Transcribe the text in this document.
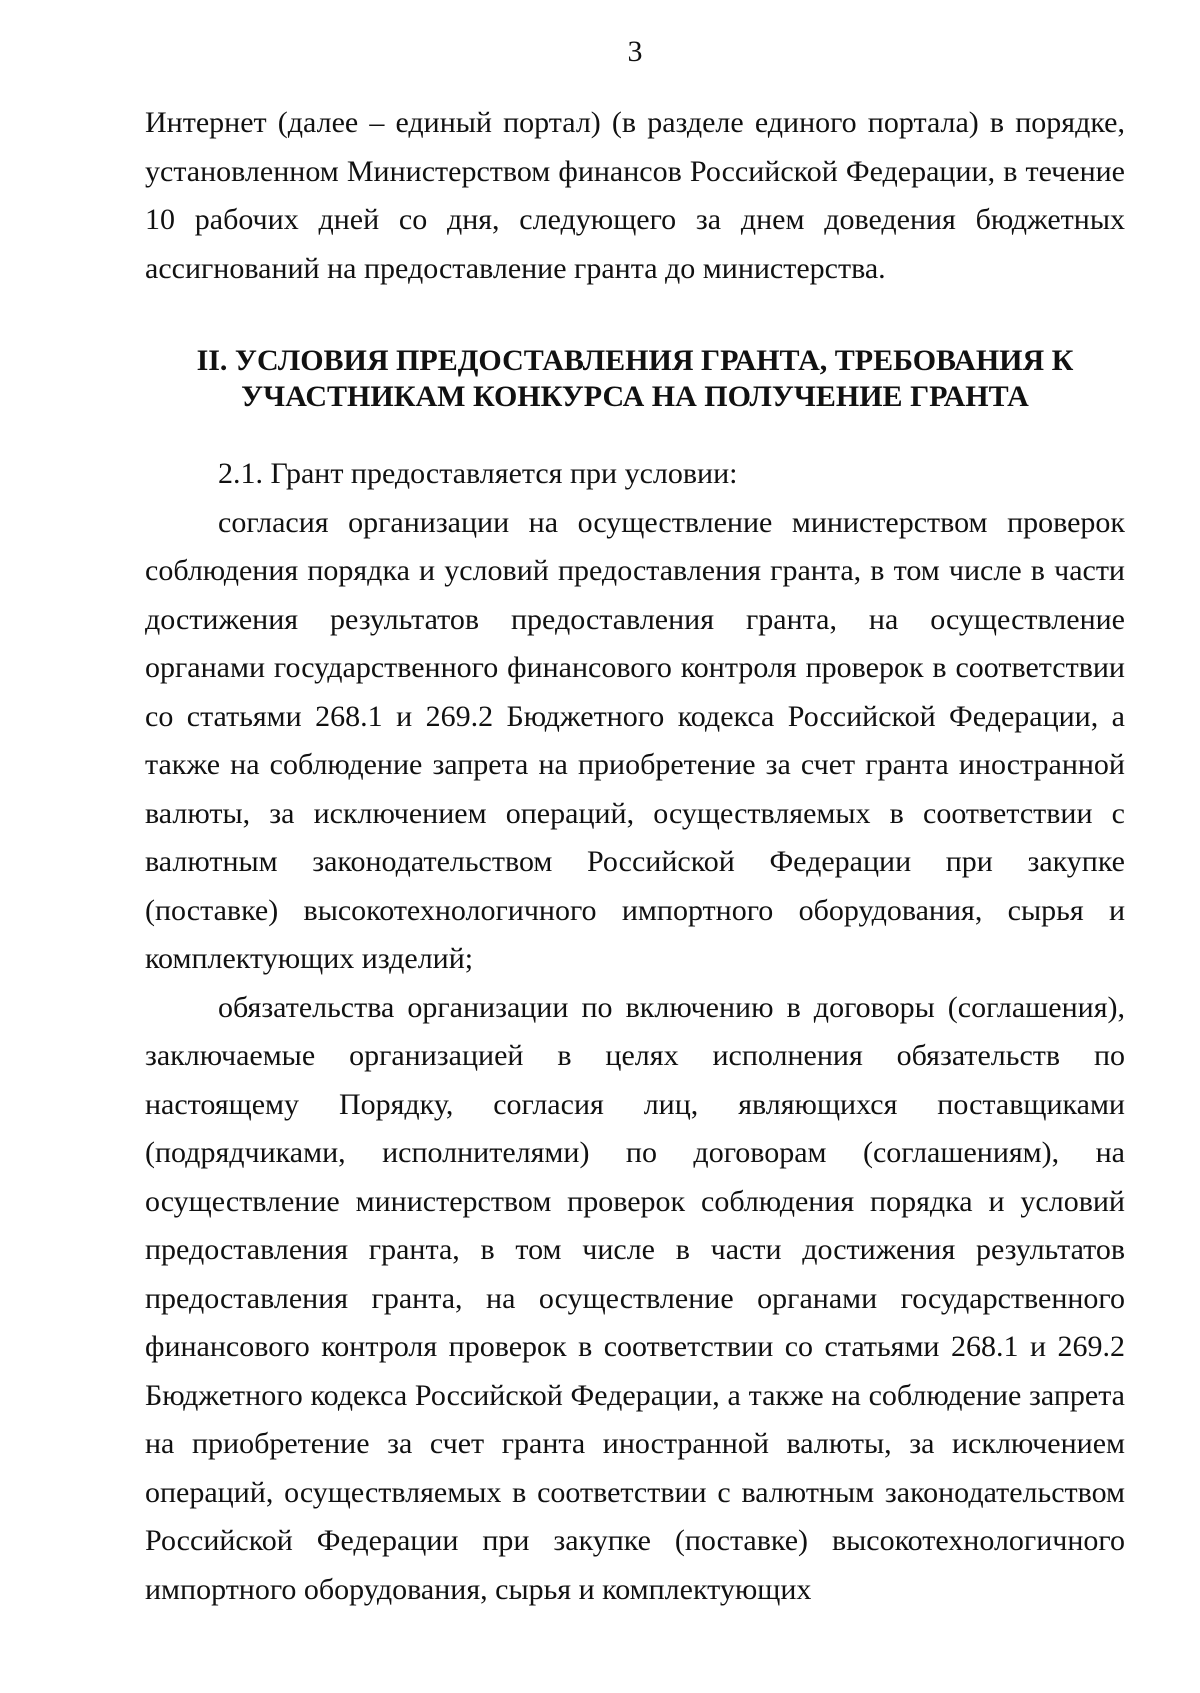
3

Интернет (далее – единый портал) (в разделе единого портала) в порядке, установленном Министерством финансов Российской Федерации, в течение 10 рабочих дней со дня, следующего за днем доведения бюджетных ассигнований на предоставление гранта до министерства.

II. УСЛОВИЯ ПРЕДОСТАВЛЕНИЯ ГРАНТА, ТРЕБОВАНИЯ К
УЧАСТНИКАМ КОНКУРСА НА ПОЛУЧЕНИЕ ГРАНТА

2.1. Грант предоставляется при условии:

согласия организации на осуществление министерством проверок соблюдения порядка и условий предоставления гранта, в том числе в части достижения результатов предоставления гранта, на осуществление органами государственного финансового контроля проверок в соответствии со статьями 268.1 и 269.2 Бюджетного кодекса Российской Федерации, а также на соблюдение запрета на приобретение за счет гранта иностранной валюты, за исключением операций, осуществляемых в соответствии с валютным законодательством Российской Федерации при закупке (поставке) высокотехнологичного импортного оборудования, сырья и комплектующих изделий;

обязательства организации по включению в договоры (соглашения), заключаемые организацией в целях исполнения обязательств по настоящему Порядку, согласия лиц, являющихся поставщиками (подрядчиками, исполнителями) по договорам (соглашениям), на осуществление министерством проверок соблюдения порядка и условий предоставления гранта, в том числе в части достижения результатов предоставления гранта, на осуществление органами государственного финансового контроля проверок в соответствии со статьями 268.1 и 269.2 Бюджетного кодекса Российской Федерации, а также на соблюдение запрета на приобретение за счет гранта иностранной валюты, за исключением операций, осуществляемых в соответствии с валютным законодательством Российской Федерации при закупке (поставке) высокотехнологичного импортного оборудования, сырья и комплектующих
